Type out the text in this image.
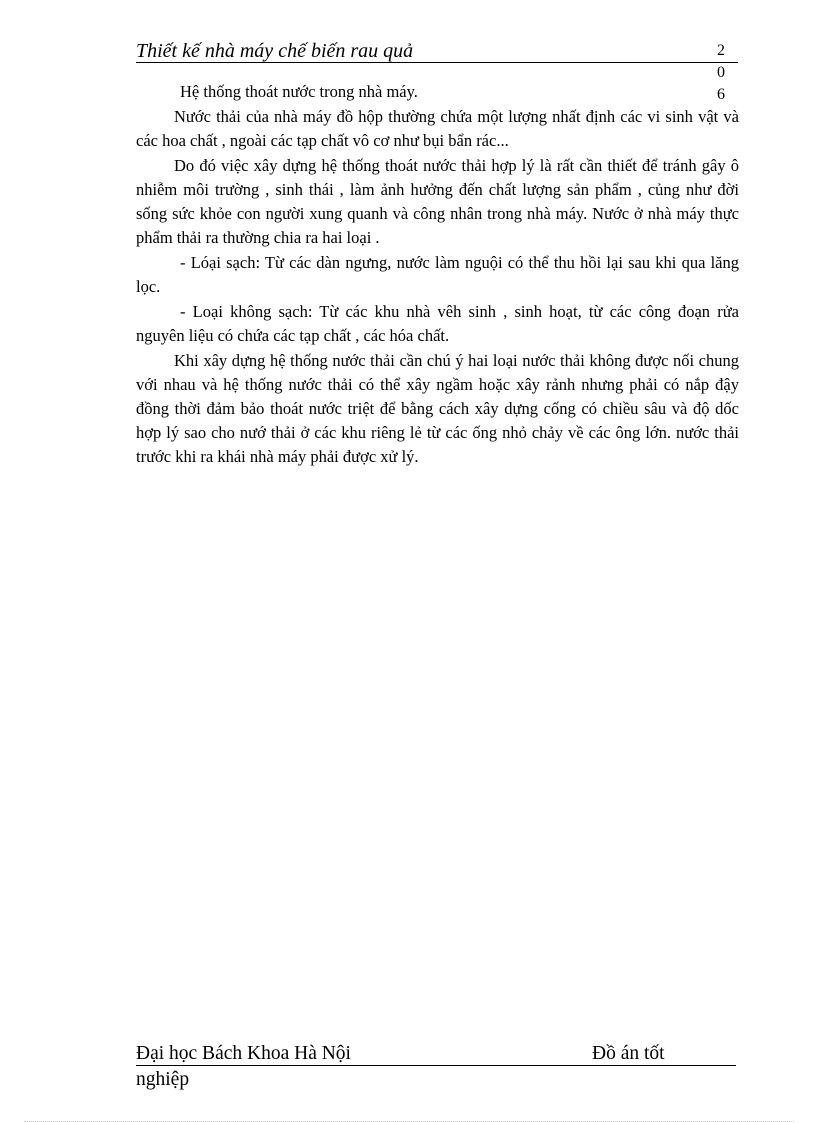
Thiết kế nhà máy chế biến rau quả	2
0
6

Hệ thống thoát nước trong nhà máy.

Nước thải của nhà máy đồ hộp thường chứa một lượng nhất định các vi sinh vật và các hoa chất , ngoài các tạp chất vô cơ như bụi bẩn rác...

Do đó việc xây dựng hệ thống thoát nước thải hợp lý là rất cần thiết để tránh gây ô nhiễm môi trường , sinh thái , làm ảnh hưởng đến chất lượng sản phẩm , củng như đời sống sức khỏe con người xung quanh và công nhân trong nhà máy. Nước ở nhà máy thực phẩm thải ra thường chia ra hai loại .

- Lóại sạch: Từ các dàn ngưng, nước làm nguội có thể thu hồi lại sau khi qua lăng lọc.

- Loại không sạch: Từ các khu nhà vêh sinh , sinh hoạt, từ các công đoạn rửa nguyên liệu có chứa các tạp chất , các hóa chất.

Khi xây dựng hệ thống nước thải cần chú ý hai loại nước thải không được nối chung với nhau và hệ thống nước thải có thể xây ngầm hoặc xây rảnh nhưng phải có nắp đậy đồng thời đảm bảo thoát nước triệt để bằng cách xây dựng cống có chiều sâu và độ dốc hợp lý sao cho nướ thải ở các khu riêng lẻ từ các ống nhỏ chảy về các ông lớn. nước thải trước khi ra khái nhà máy phải được xử lý.

Đại học Bách Khoa Hà Nội	Đồ án tốt
nghiệp
